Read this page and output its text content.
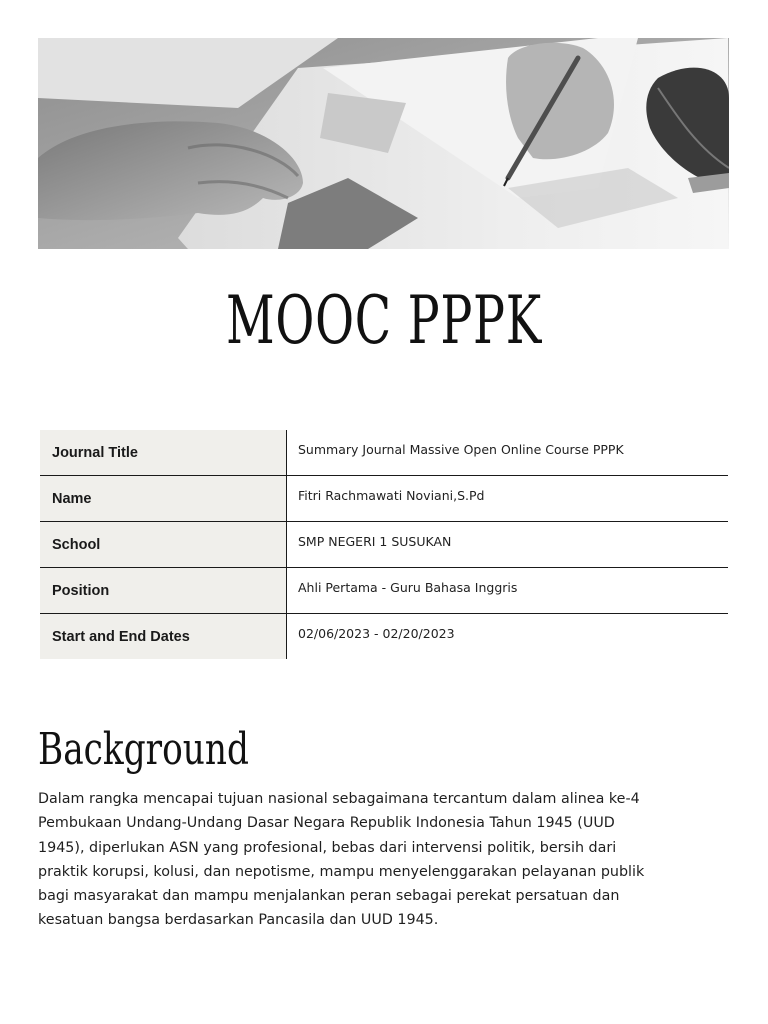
MOOC PPPK
Journal Title	Summary Journal Massive Open Online Course PPPK
Name	Fitri Rachmawati Noviani,S.Pd
School	SMP NEGERI 1 SUSUKAN
Position	Ahli Pertama - Guru Bahasa Inggris
Start and End Dates	02/06/2023 - 02/20/2023
Background

Dalam rangka mencapai tujuan nasional sebagaimana tercantum dalam alinea ke-4 Pembukaan Undang-Undang Dasar Negara Republik Indonesia Tahun 1945 (UUD 1945), diperlukan ASN yang profesional, bebas dari intervensi politik, bersih dari praktik korupsi, kolusi, dan nepotisme, mampu menyelenggarakan pelayanan publik bagi masyarakat dan mampu menjalankan peran sebagai perekat persatuan dan kesatuan bangsa berdasarkan Pancasila dan UUD 1945.
